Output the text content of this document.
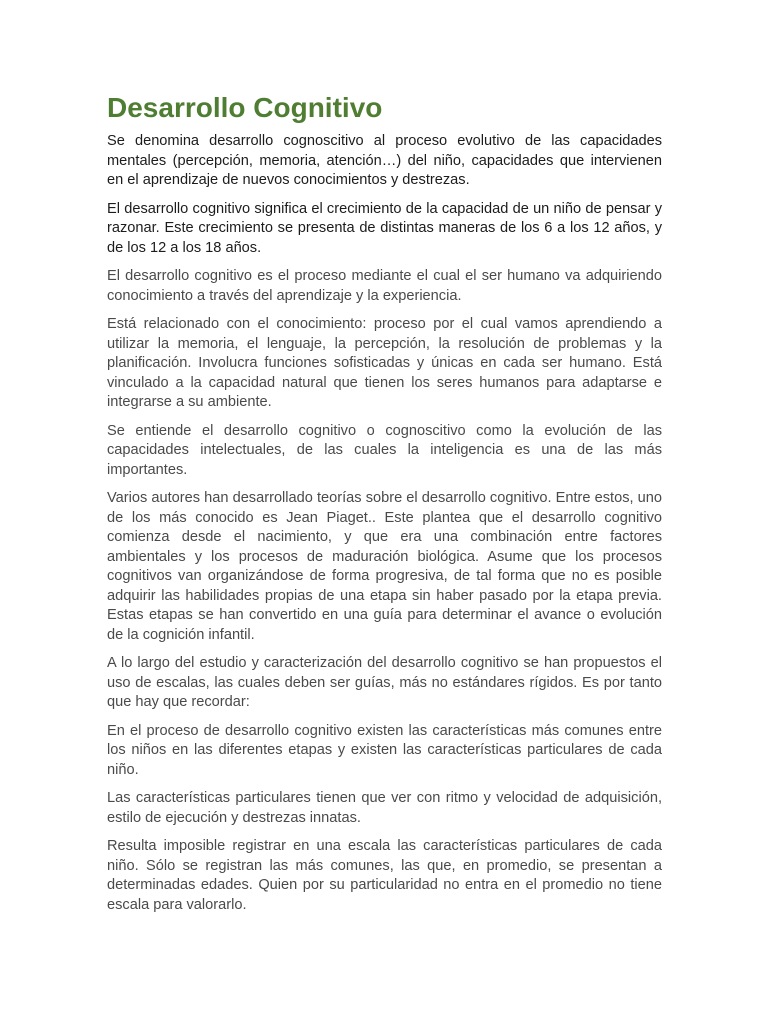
Desarrollo Cognitivo

Se denomina desarrollo cognoscitivo al proceso evolutivo de las capacidades mentales (percepción, memoria, atención…) del niño, capacidades que intervienen en el aprendizaje de nuevos conocimientos y destrezas.

El desarrollo cognitivo significa el crecimiento de la capacidad de un niño de pensar y razonar. Este crecimiento se presenta de distintas maneras de los 6 a los 12 años, y de los 12 a los 18 años.

El desarrollo cognitivo es el proceso mediante el cual el ser humano va adquiriendo conocimiento a través del aprendizaje y la experiencia.

Está relacionado con el conocimiento: proceso por el cual vamos aprendiendo a utilizar la memoria, el lenguaje, la percepción, la resolución de problemas y la planificación. Involucra funciones sofisticadas y únicas en cada ser humano. Está vinculado a la capacidad natural que tienen los seres humanos para adaptarse e integrarse a su ambiente.

Se entiende el desarrollo cognitivo o cognoscitivo como la evolución de las capacidades intelectuales, de las cuales la inteligencia es una de las más importantes.

Varios autores han desarrollado teorías sobre el desarrollo cognitivo. Entre estos, uno de los más conocido es Jean Piaget.. Este plantea que el desarrollo cognitivo comienza desde el nacimiento, y que era una combinación entre factores ambientales y los procesos de maduración biológica. Asume que los procesos cognitivos van organizándose de forma progresiva, de tal forma que no es posible adquirir las habilidades propias de una etapa sin haber pasado por la etapa previa. Estas etapas se han convertido en una guía para determinar el avance o evolución de la cognición infantil.

A lo largo del estudio y caracterización del desarrollo cognitivo se han propuestos el uso de escalas, las cuales deben ser guías, más no estándares rígidos. Es por tanto que hay que recordar:

En el proceso de desarrollo cognitivo existen las características más comunes entre los niños en las diferentes etapas y existen las características particulares de cada niño.

Las características particulares tienen que ver con ritmo y velocidad de adquisición, estilo de ejecución y destrezas innatas.

Resulta imposible registrar en una escala las características particulares de cada niño. Sólo se registran las más comunes, las que, en promedio, se presentan a determinadas edades. Quien por su particularidad no entra en el promedio no tiene escala para valorarlo.
